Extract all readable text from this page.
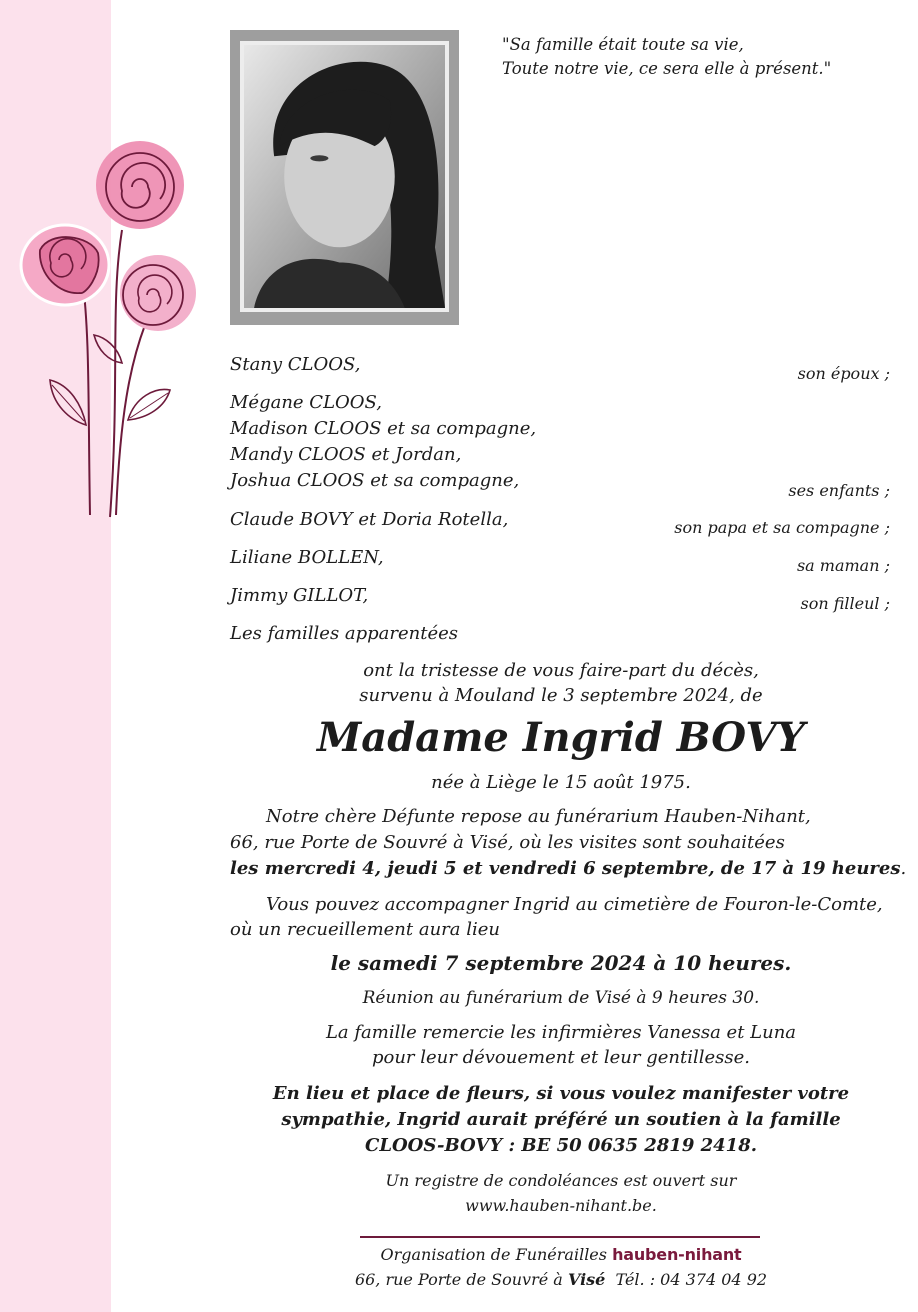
"Sa famille était toute sa vie,
Toute notre vie, ce sera elle à présent."
Stany CLOOS,	son époux ;
Mégane CLOOS,
Madison CLOOS et sa compagne,
Mandy CLOOS et Jordan,
Joshua CLOOS et sa compagne,	ses enfants ;
Claude BOVY et Doria Rotella,	son papa et sa compagne ;
Liliane BOLLEN,	sa maman ;
Jimmy GILLOT,	son filleul ;
Les familles apparentées
ont la tristesse de vous faire-part du décès,
survenu à Mouland le 3 septembre 2024, de
Madame Ingrid BOVY
née à Liège le 15 août 1975.
Notre chère Défunte repose au funérarium Hauben-Nihant,
66, rue Porte de Souvré à Visé, où les visites sont souhaitées
les mercredi 4, jeudi 5 et vendredi 6 septembre, de 17 à 19 heures.
Vous pouvez accompagner Ingrid au cimetière de Fouron-le-Comte,
où un recueillement aura lieu
le samedi 7 septembre 2024 à 10 heures.
Réunion au funérarium de Visé à 9 heures 30.
La famille remercie les infirmières Vanessa et Luna
pour leur dévouement et leur gentillesse.
En lieu et place de fleurs, si vous voulez manifester votre
sympathie, Ingrid aurait préféré un soutien à la famille
CLOOS-BOVY : BE 50 0635 2819 2418.
Un registre de condoléances est ouvert sur
www.hauben-nihant.be.
Organisation de Funérailles hauben-nihant
66, rue Porte de Souvré à Visé Tél. : 04 374 04 92
